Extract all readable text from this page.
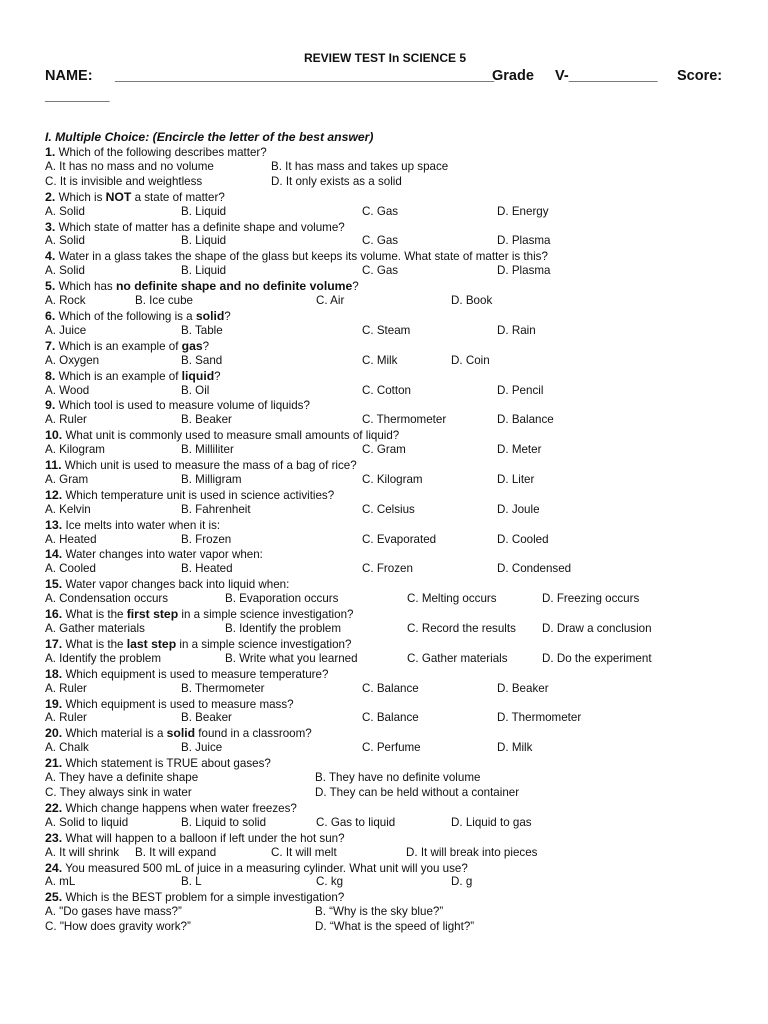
REVIEW TEST In SCIENCE 5
NAME: _______________________________________________
Grade V-___________ Score:
________
I. Multiple Choice: (Encircle the letter of the best answer)
1. Which of the following describes matter?
A. It has no mass and no volume	B. It has mass and takes up space
C. It is invisible and weightless	D. It only exists as a solid
2. Which is NOT a state of matter?
A. Solid	B. Liquid	C. Gas	D. Energy
3. Which state of matter has a definite shape and volume?
A. Solid	B. Liquid	C. Gas	D. Plasma
4. Water in a glass takes the shape of the glass but keeps its volume. What state of matter is this?
A. Solid	B. Liquid	C. Gas	D. Plasma
5. Which has no definite shape and no definite volume?
A. Rock	B. Ice cube	C. Air	D. Book
6. Which of the following is a solid?
A. Juice	B. Table	C. Steam	D. Rain
7. Which is an example of gas?
A. Oxygen	B. Sand	C. Milk	D. Coin
8. Which is an example of liquid?
A. Wood	B. Oil	C. Cotton	D. Pencil
9. Which tool is used to measure volume of liquids?
A. Ruler	B. Beaker	C. Thermometer	D. Balance
10. What unit is commonly used to measure small amounts of liquid?
A. Kilogram	B. Milliliter	C. Gram	D. Meter
11. Which unit is used to measure the mass of a bag of rice?
A. Gram	B. Milligram	C. Kilogram	D. Liter
12. Which temperature unit is used in science activities?
A. Kelvin	B. Fahrenheit	C. Celsius	D. Joule
13. Ice melts into water when it is:
A. Heated	B. Frozen	C. Evaporated	D. Cooled
14. Water changes into water vapor when:
A. Cooled	B. Heated	C. Frozen	D. Condensed
15. Water vapor changes back into liquid when:
A. Condensation occurs	B. Evaporation occurs	C. Melting occurs	D. Freezing occurs
16. What is the first step in a simple science investigation?
A. Gather materials	B. Identify the problem	C. Record the results D. Draw a conclusion
17. What is the last step in a simple science investigation?
A. Identify the problem	B. Write what you learned	C. Gather materials	D. Do the experiment
18. Which equipment is used to measure temperature?
A. Ruler	B. Thermometer	C. Balance	D. Beaker
19. Which equipment is used to measure mass?
A. Ruler	B. Beaker	C. Balance	D. Thermometer
20. Which material is a solid found in a classroom?
A. Chalk	B. Juice	C. Perfume	D. Milk
21. Which statement is TRUE about gases?
A. They have a definite shape	B. They have no definite volume
C. They always sink in water	D. They can be held without a container
22. Which change happens when water freezes?
A. Solid to liquid	B. Liquid to solid	C. Gas to liquid	D. Liquid to gas
23. What will happen to a balloon if left under the hot sun?
A. It will shrink B. It will expand	C. It will melt	D. It will break into pieces
24. You measured 500 mL of juice in a measuring cylinder. What unit will you use?
A. mL	B. L	C. kg	D. g
25. Which is the BEST problem for a simple investigation?
A. "Do gases have mass?”	B. “Why is the sky blue?”
C. "How does gravity work?”	D. “What is the speed of light?”
